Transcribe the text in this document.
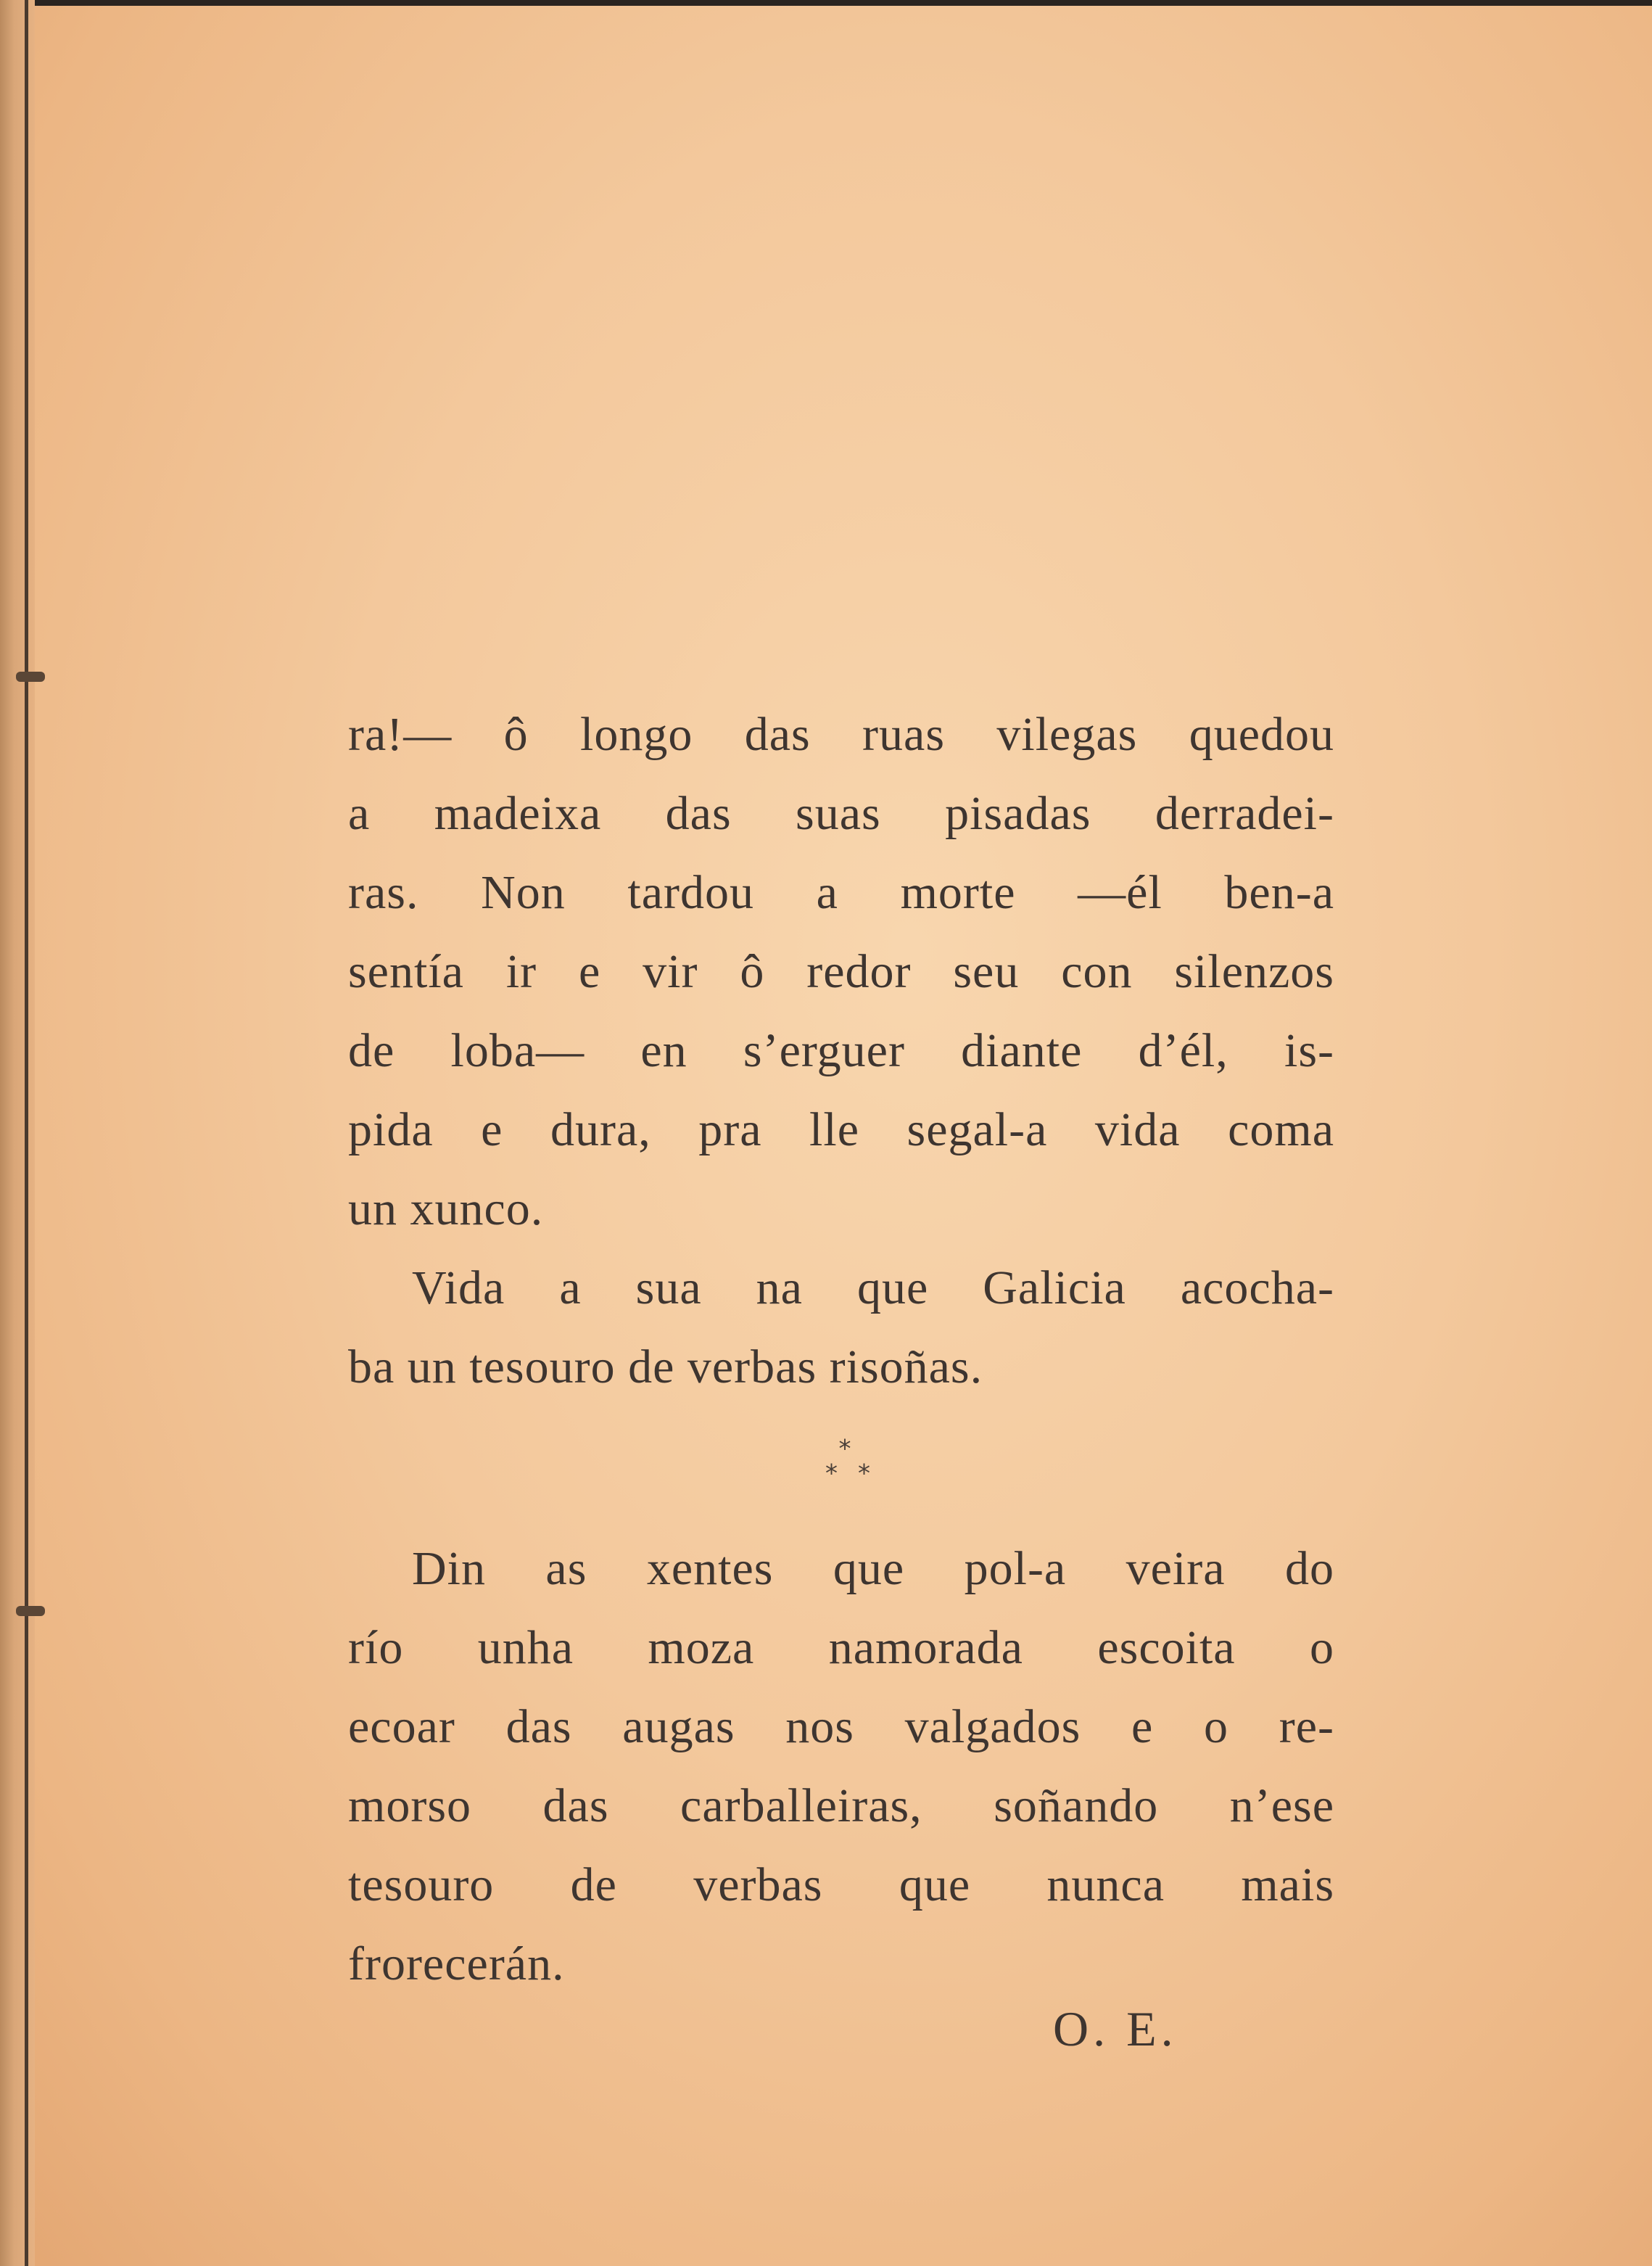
ra!— ô longo das ruas vilegas quedou
a madeixa das suas pisadas derradei-
ras. Non tardou a morte —él ben-a
sentía ir e vir ô redor seu con silenzos
de loba— en s’erguer diante d’él, is-
pida e dura, pra lle segal-a vida coma
un xunco.
Vida a sua na que Galicia acocha-
ba un tesouro de verbas risoñas.
⁎
⁎⁎
Din as xentes que pol-a veira do
río unha moza namorada escoita o
ecoar das augas nos valgados e o re-
morso das carballeiras, soñando n’ese
tesouro de verbas que nunca mais
frorecerán.
O. E.
